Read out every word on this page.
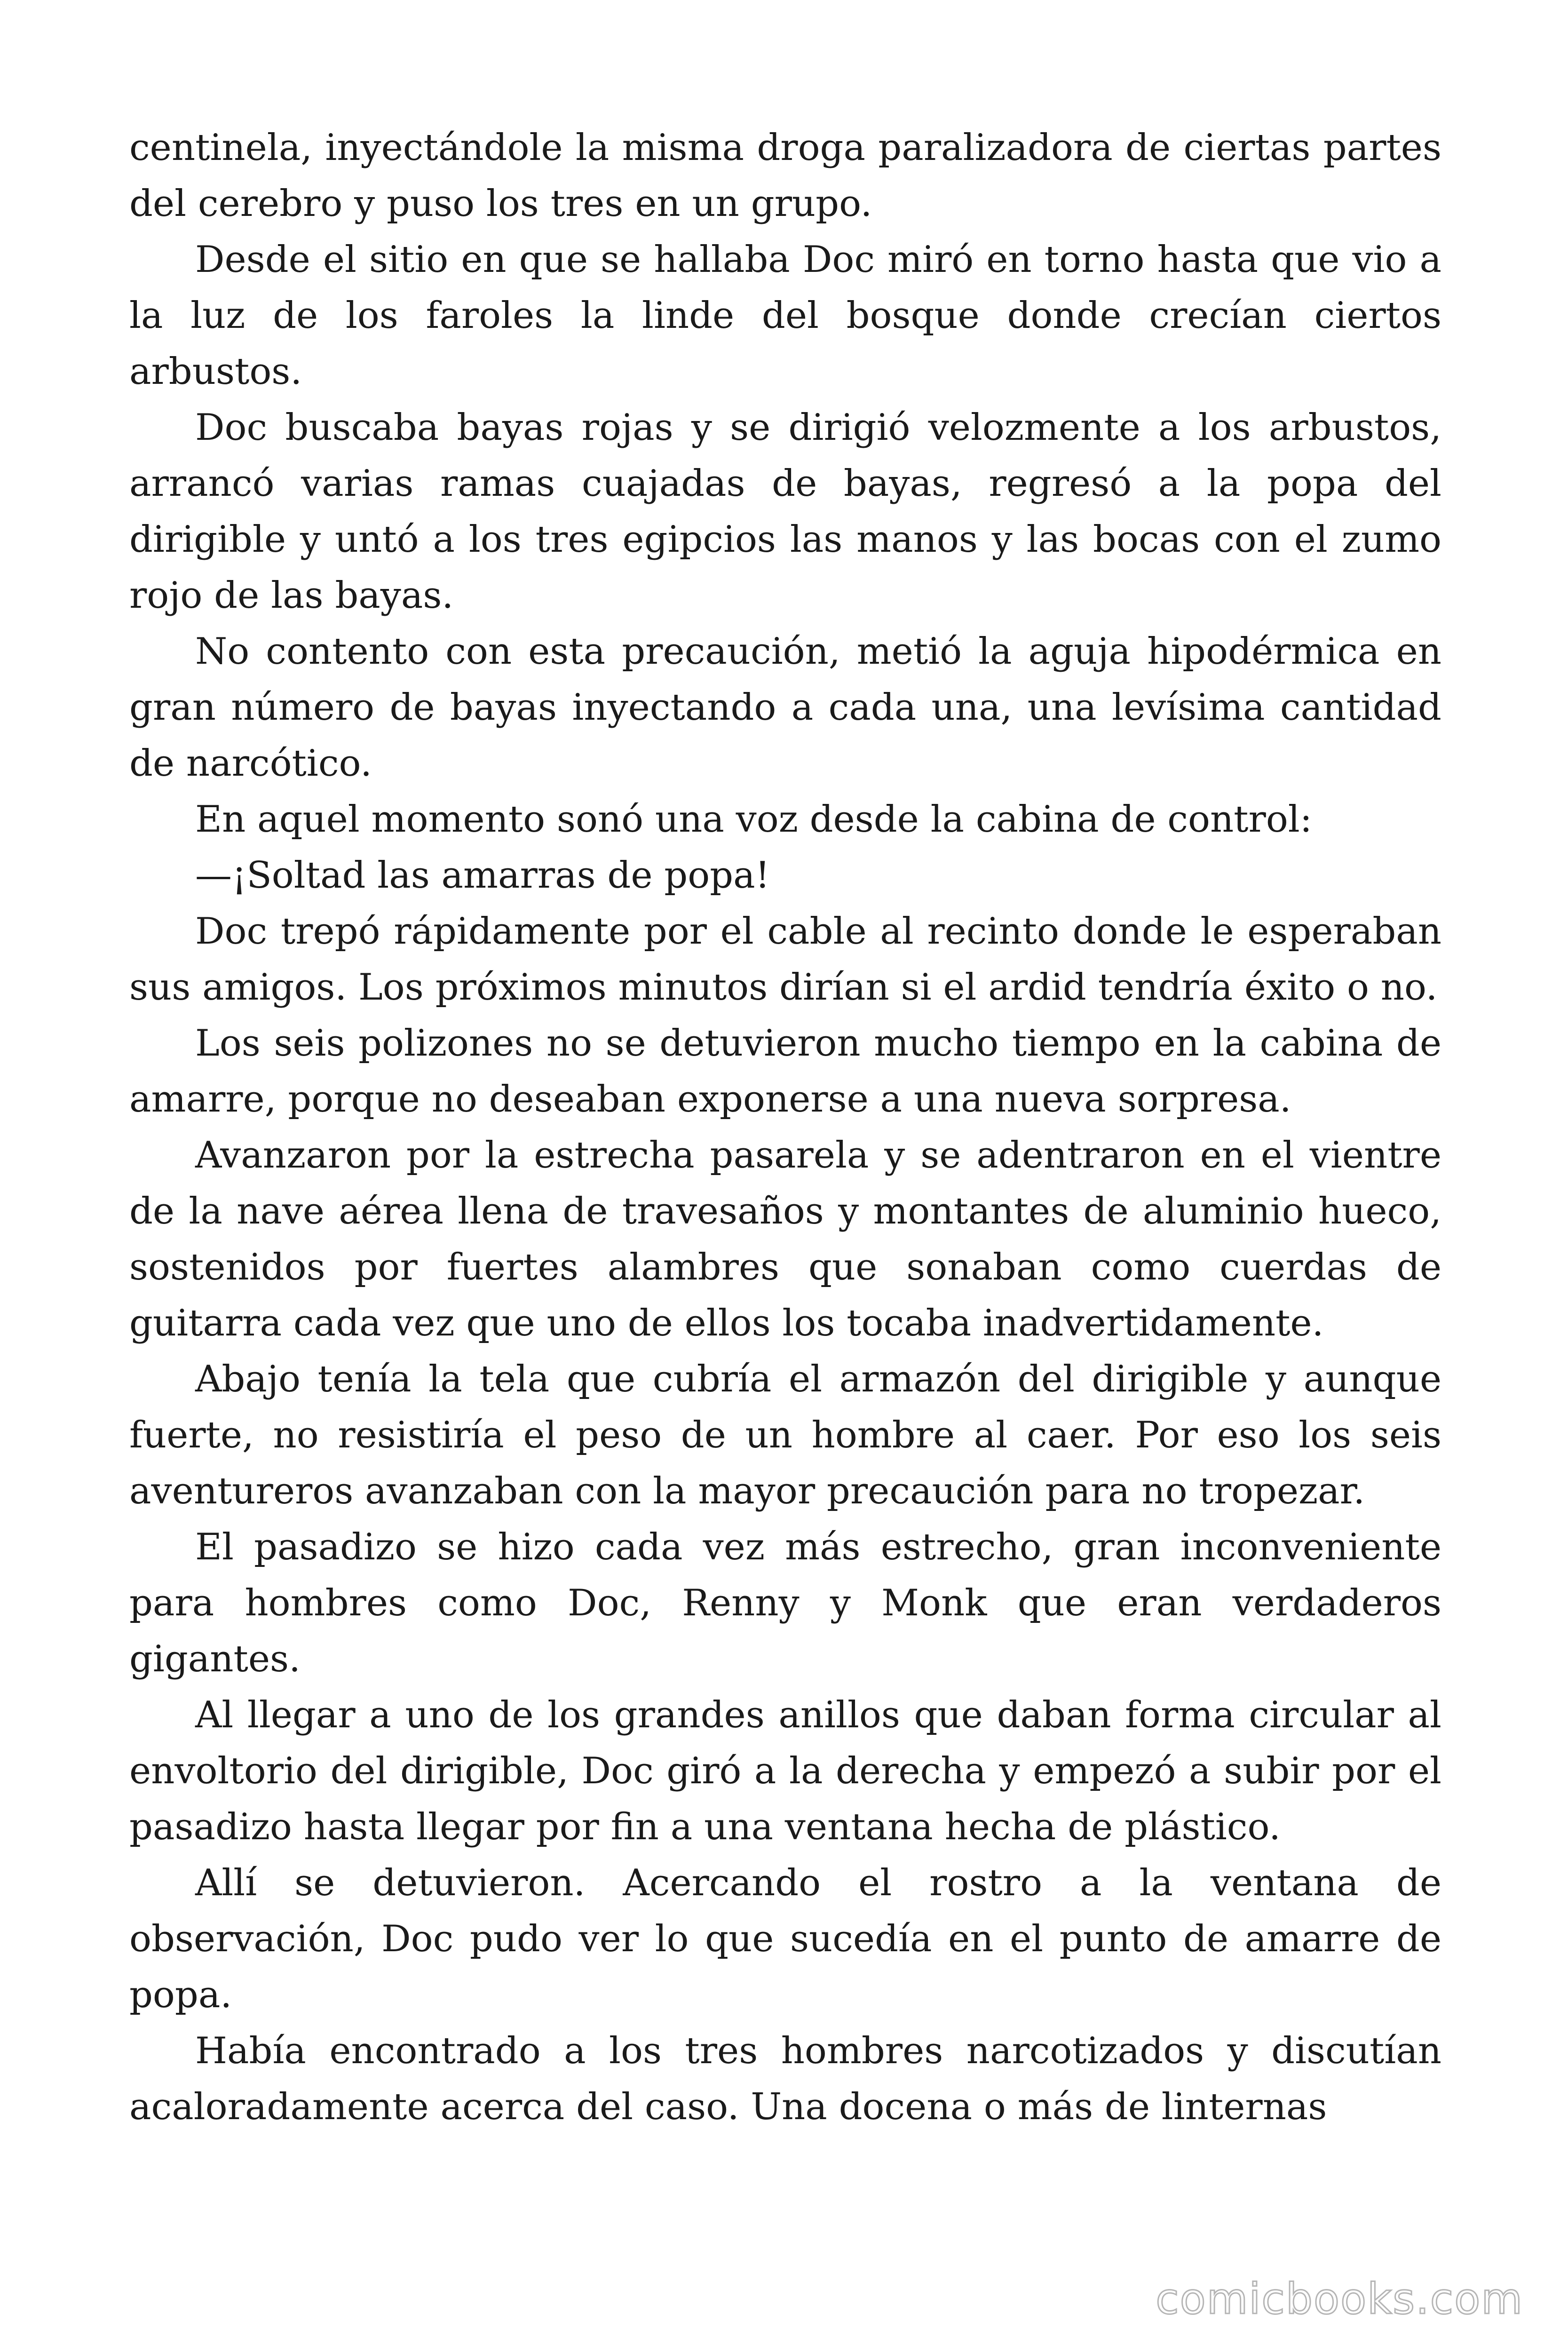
centinela, inyectándole la misma droga paralizadora de ciertas partes del cerebro y puso los tres en un grupo.

Desde el sitio en que se hallaba Doc miró en torno hasta que vio a la luz de los faroles la linde del bosque donde crecían ciertos arbustos.

Doc buscaba bayas rojas y se dirigió velozmente a los arbustos, arrancó varias ramas cuajadas de bayas, regresó a la popa del dirigible y untó a los tres egipcios las manos y las bocas con el zumo rojo de las bayas.

No contento con esta precaución, metió la aguja hipodérmica en gran número de bayas inyectando a cada una, una levísima cantidad de narcótico.

En aquel momento sonó una voz desde la cabina de control:

—¡Soltad las amarras de popa!

Doc trepó rápidamente por el cable al recinto donde le esperaban sus amigos. Los próximos minutos dirían si el ardid tendría éxito o no.

Los seis polizones no se detuvieron mucho tiempo en la cabina de amarre, porque no deseaban exponerse a una nueva sorpresa.

Avanzaron por la estrecha pasarela y se adentraron en el vientre de la nave aérea llena de travesaños y montantes de aluminio hueco, sostenidos por fuertes alambres que sonaban como cuerdas de guitarra cada vez que uno de ellos los tocaba inadvertidamente.

Abajo tenía la tela que cubría el armazón del dirigible y aunque fuerte, no resistiría el peso de un hombre al caer. Por eso los seis aventureros avanzaban con la mayor precaución para no tropezar.

El pasadizo se hizo cada vez más estrecho, gran inconveniente para hombres como Doc, Renny y Monk que eran verdaderos gigantes.

Al llegar a uno de los grandes anillos que daban forma circular al envoltorio del dirigible, Doc giró a la derecha y empezó a subir por el pasadizo hasta llegar por fin a una ventana hecha de plástico.

Allí se detuvieron. Acercando el rostro a la ventana de observación, Doc pudo ver lo que sucedía en el punto de amarre de popa.

Había encontrado a los tres hombres narcotizados y discutían acaloradamente acerca del caso. Una docena o más de linternas

comicbooks.com
